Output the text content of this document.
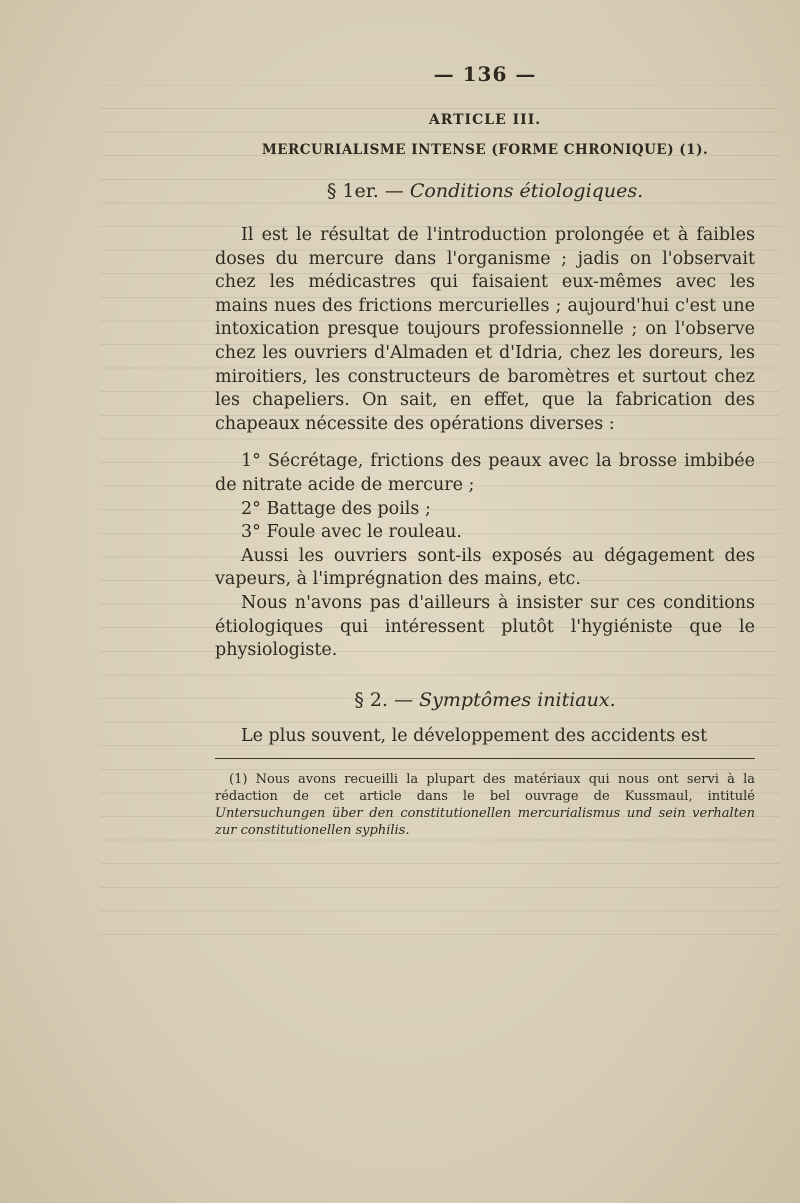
— 136 —
ARTICLE III.
MERCURIALISME INTENSE (FORME CHRONIQUE) (1).
§ 1er. — Conditions étiologiques.

Il est le résultat de l'introduction prolongée et à faibles doses du mercure dans l'organisme ; jadis on l'observait chez les médicastres qui faisaient eux-mêmes avec les mains nues des frictions mercurielles ; aujourd'hui c'est une intoxication presque toujours professionnelle ; on l'observe chez les ouvriers d'Almaden et d'Idria, chez les doreurs, les miroitiers, les constructeurs de baromètres et surtout chez les chapeliers. On sait, en effet, que la fabrication des chapeaux nécessite des opérations diverses :

1° Sécrétage, frictions des peaux avec la brosse imbibée de nitrate acide de mercure ;

2° Battage des poils ;

3° Foule avec le rouleau.

Aussi les ouvriers sont-ils exposés au dégagement des vapeurs, à l'imprégnation des mains, etc.

Nous n'avons pas d'ailleurs à insister sur ces conditions étiologiques qui intéressent plutôt l'hygiéniste que le physiologiste.

§ 2. — Symptômes initiaux.

Le plus souvent, le développement des accidents est

(1) Nous avons recueilli la plupart des matériaux qui nous ont servi à la rédaction de cet article dans le bel ouvrage de Kussmaul, intitulé Untersuchungen über den constitutionellen mercurialismus und sein verhalten zur constitutionellen syphilis.
